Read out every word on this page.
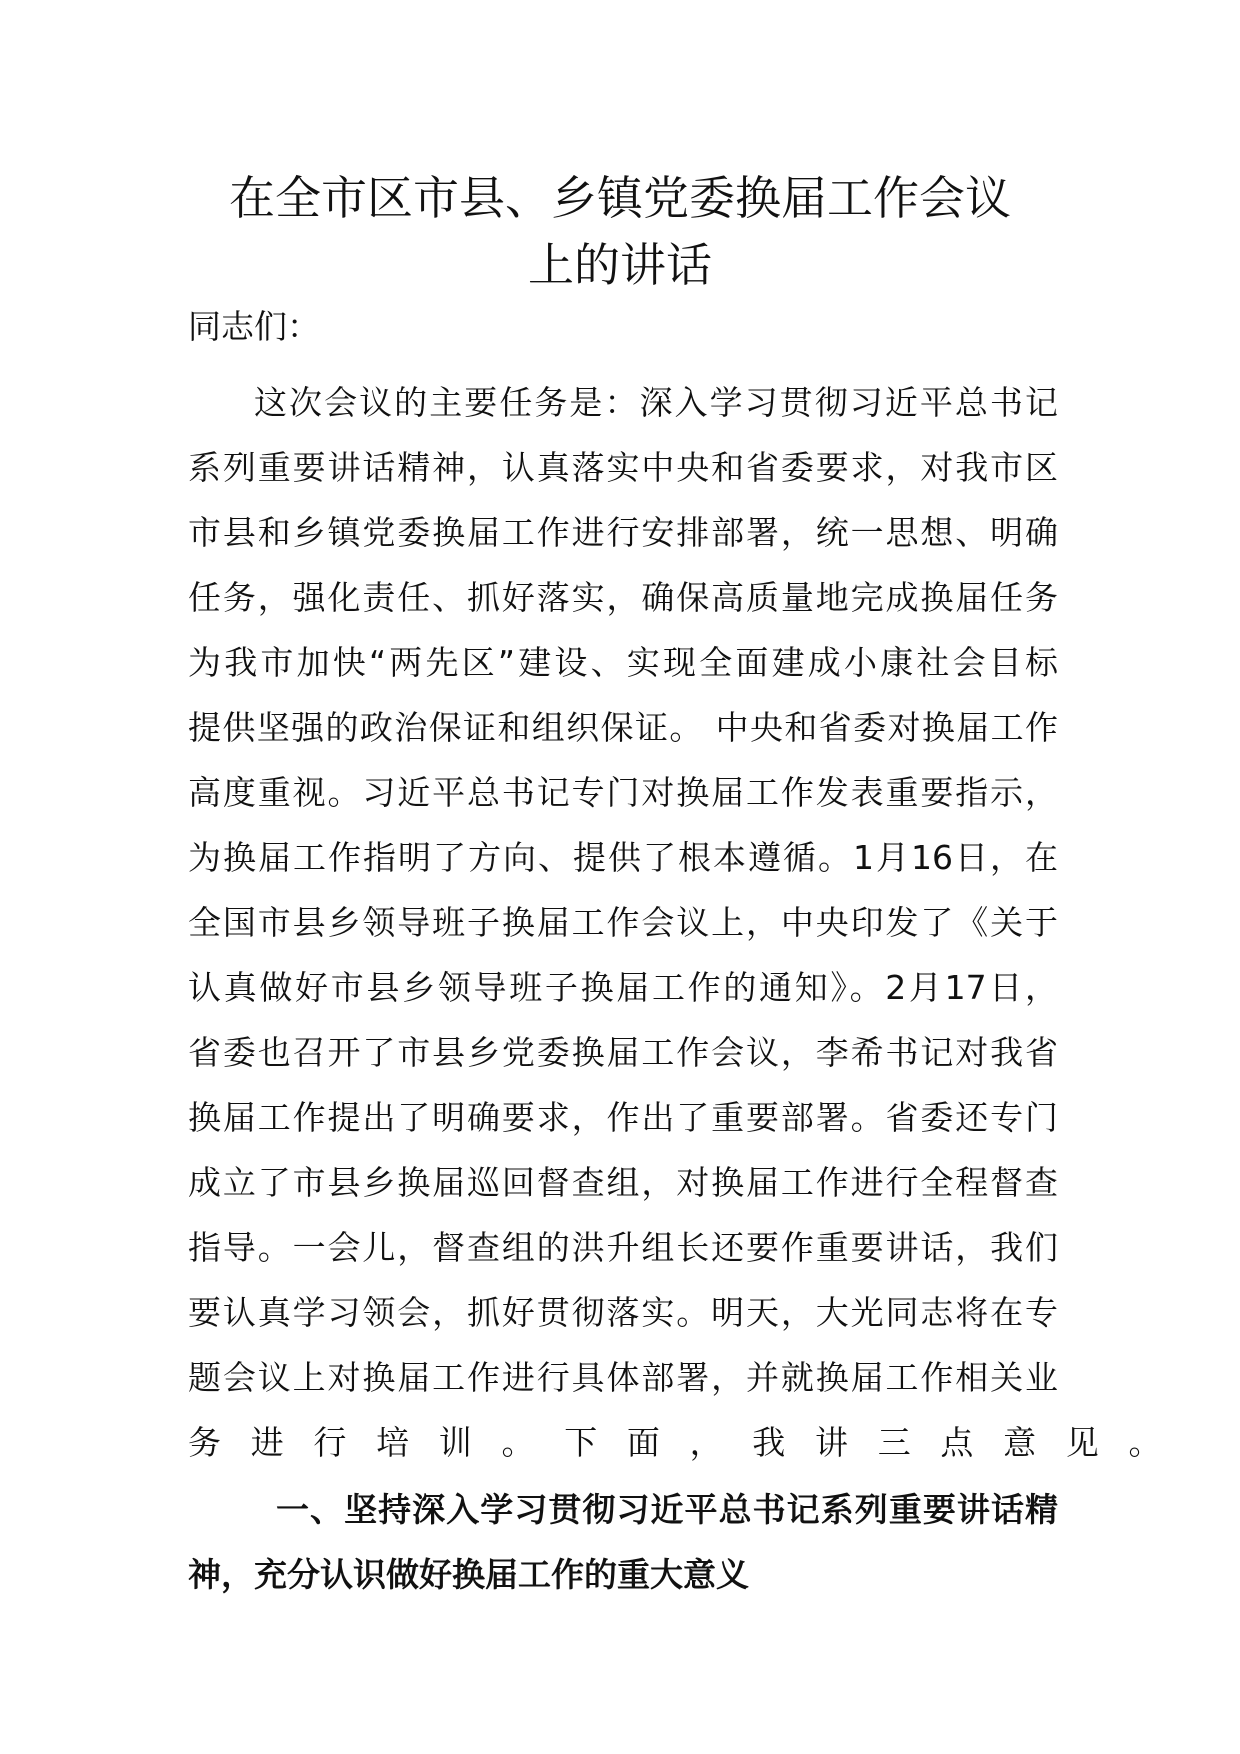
在全市区市县、乡镇党委换届工作会议
上的讲话

同志们：

这次会议的主要任务是：深入学习贯彻习近平总书记
系列重要讲话精神，认真落实中央和省委要求，对我市区
市县和乡镇党委换届工作进行安排部署，统一思想、明确
任务，强化责任、抓好落实，确保高质量地完成换届任务
为我市加快“两先区”建设、实现全面建成小康社会目标
提供坚强的政治保证和组织保证。 中央和省委对换届工作
高度重视。习近平总书记专门对换届工作发表重要指示，
为换届工作指明了方向、提供了根本遵循。1月16日，在
全国市县乡领导班子换届工作会议上，中央印发了《关于
认真做好市县乡领导班子换届工作的通知》。2月17日，
省委也召开了市县乡党委换届工作会议，李希书记对我省
换届工作提出了明确要求，作出了重要部署。省委还专门
成立了市县乡换届巡回督查组，对换届工作进行全程督查
指导。一会儿，督查组的洪升组长还要作重要讲话，我们
要认真学习领会，抓好贯彻落实。明天，大光同志将在专
题会议上对换届工作进行具体部署，并就换届工作相关业
务进行培训。下面，我讲三点意见。
一、坚持深入学习贯彻习近平总书记系列重要讲话精
神，充分认识做好换届工作的重大意义
